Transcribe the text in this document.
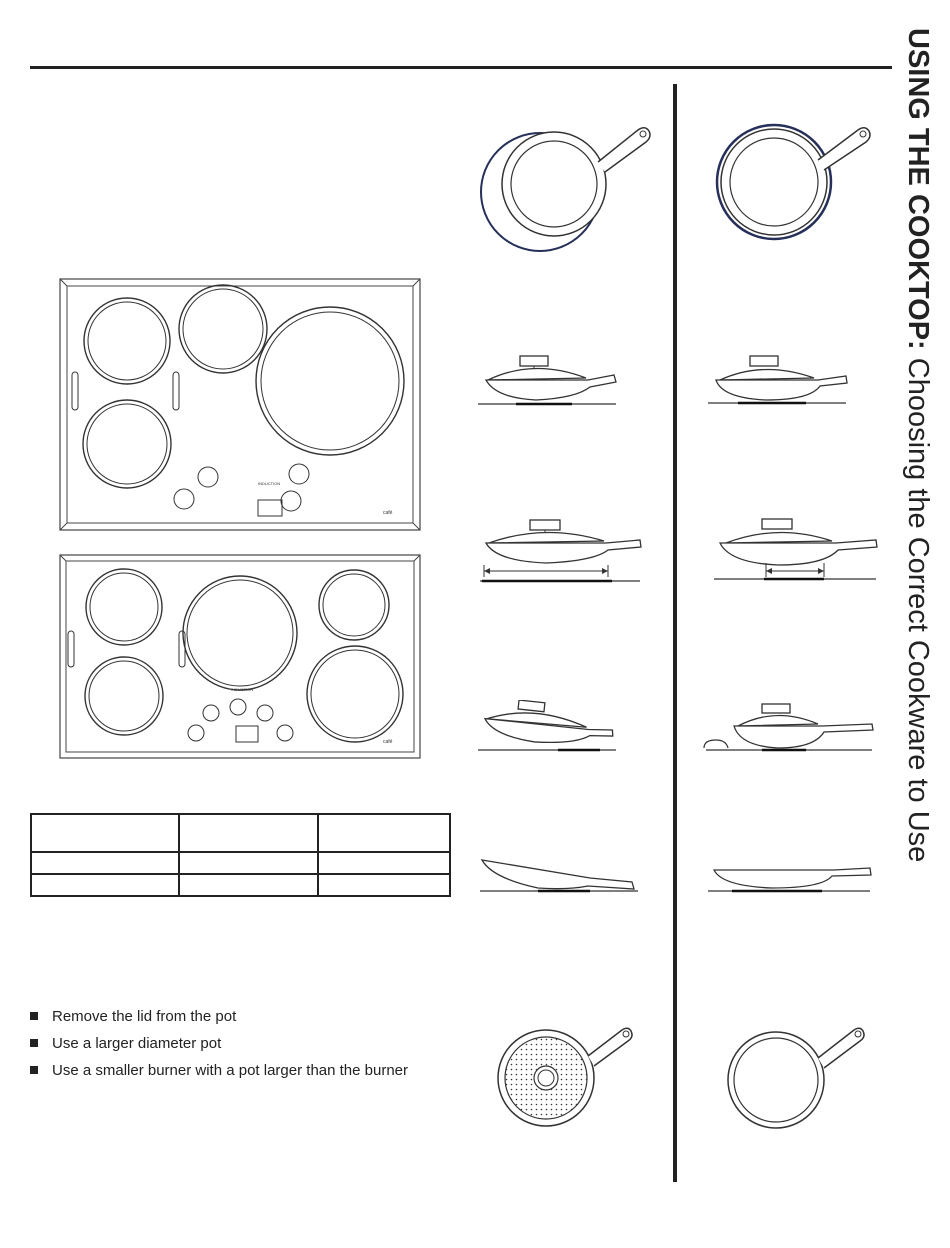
USING THE COOKTOP: Choosing the Correct Cookware to Use
INDUCTION
café
INDUCTION
café

Remove the lid from the pot
Use a larger diameter pot
Use a smaller burner with a pot larger than the burner
